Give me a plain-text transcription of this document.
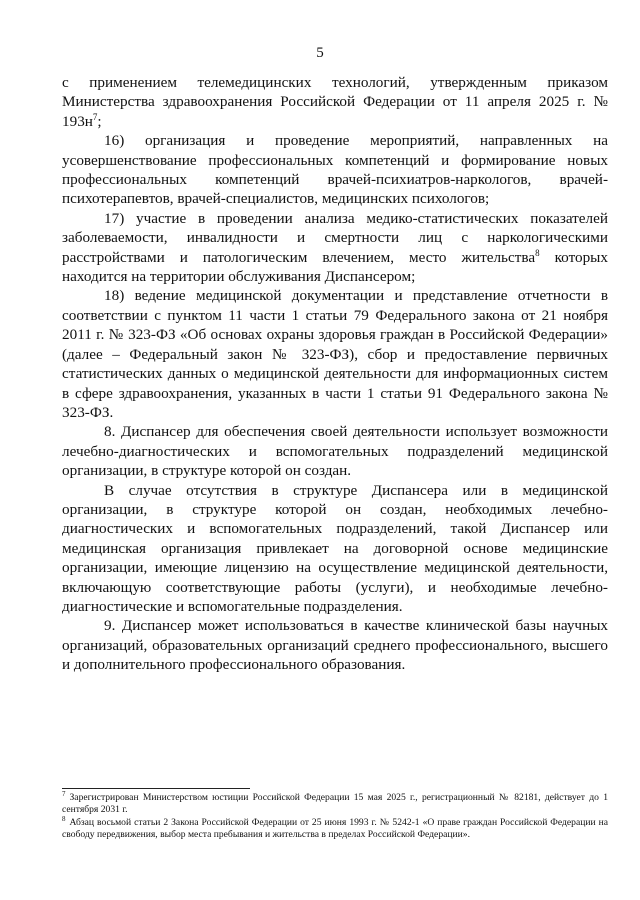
5

с применением телемедицинских технологий, утвержденным приказом Министерства здравоохранения Российской Федерации от 11 апреля 2025 г. № $193н^7$;

16) организация и проведение мероприятий, направленных на усовершенствование профессиональных компетенций и формирование новых профессиональных компетенций врачей-психиатров-наркологов, врачей-психотерапевтов, врачей-специалистов, медицинских психологов;

17) участие в проведении анализа медико-статистических показателей заболеваемости, инвалидности и смертности лиц с наркологическими расстройствами и патологическим влечением, место жительства$^8$ которых находится на территории обслуживания Диспансером;

18) ведение медицинской документации и представление отчетности в соответствии с пунктом 11 части 1 статьи 79 Федерального закона от 21 ноября 2011 г. № 323-ФЗ «Об основах охраны здоровья граждан в Российской Федерации» (далее – Федеральный закон № 323-ФЗ), сбор и предоставление первичных статистических данных о медицинской деятельности для информационных систем в сфере здравоохранения, указанных в части 1 статьи 91 Федерального закона № 323-ФЗ.

8. Диспансер для обеспечения своей деятельности использует возможности лечебно-диагностических и вспомогательных подразделений медицинской организации, в структуре которой он создан.

В случае отсутствия в структуре Диспансера или в медицинской организации, в структуре которой он создан, необходимых лечебно-диагностических и вспомогательных подразделений, такой Диспансер или медицинская организация привлекает на договорной основе медицинские организации, имеющие лицензию на осуществление медицинской деятельности, включающую соответствующие работы (услуги), и необходимые лечебно-диагностические и вспомогательные подразделения.

9. Диспансер может использоваться в качестве клинической базы научных организаций, образовательных организаций среднего профессионального, высшего и дополнительного профессионального образования.

$^7$ Зарегистрирован Министерством юстиции Российской Федерации 15 мая 2025 г., регистрационный № 82181, действует до 1 сентября 2031 г.

$^8$ Абзац восьмой статьи 2 Закона Российской Федерации от 25 июня 1993 г. № 5242-1 «О праве граждан Российской Федерации на свободу передвижения, выбор места пребывания и жительства в пределах Российской Федерации».
